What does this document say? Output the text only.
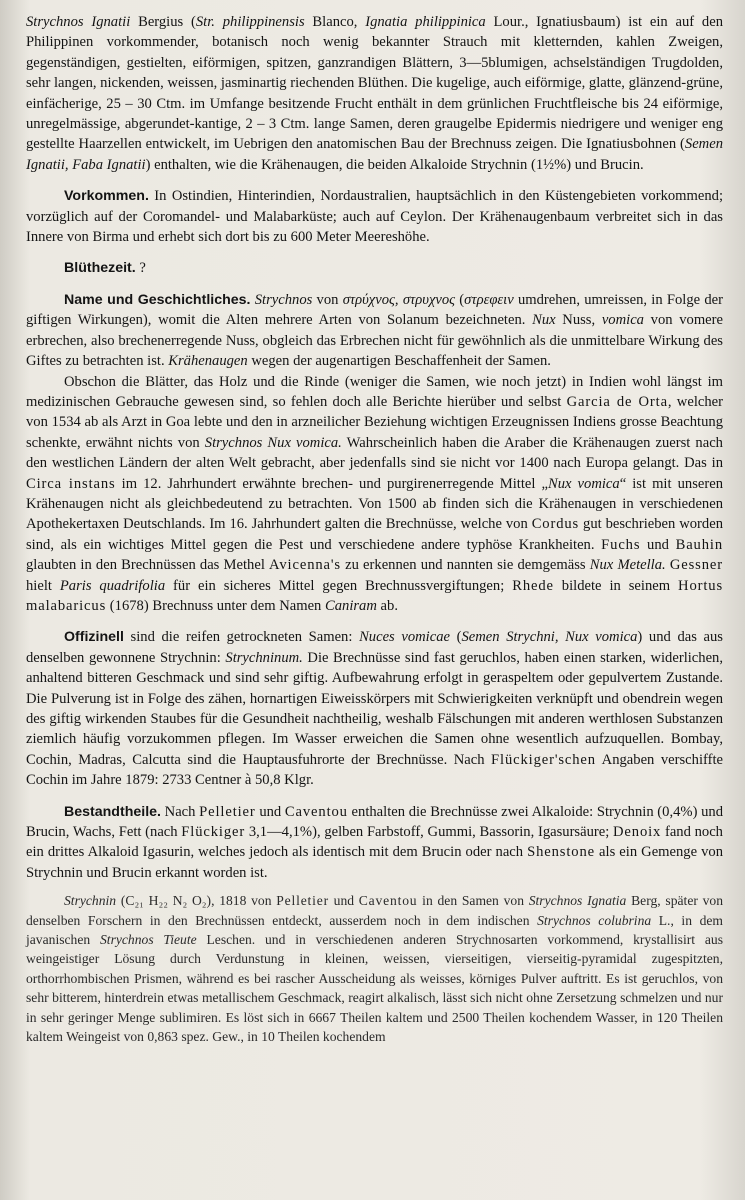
Strychnos Ignatii Bergius (Str. philippinensis Blanco, Ignatia philippinica Lour., Ignatiusbaum) ist ein auf den Philippinen vorkommender, botanisch noch wenig bekannter Strauch mit kletternden, kahlen Zweigen, gegenständigen, gestielten, eiförmigen, spitzen, ganzrandigen Blättern, 3—5blumigen, achselständigen Trugdolden, sehr langen, nickenden, weissen, jasminartig riechenden Blüthen. Die kugelige, auch eiförmige, glatte, glänzend-grüne, einfächerige, 25 – 30 Ctm. im Umfange besitzende Frucht enthält in dem grünlichen Fruchtfleische bis 24 eiförmige, unregelmässige, abgerundet-kantige, 2 – 3 Ctm. lange Samen, deren graugelbe Epidermis niedrigere und weniger eng gestellte Haarzellen entwickelt, im Uebrigen den anatomischen Bau der Brechnuss zeigen. Die Ignatiusbohnen (Semen Ignatii, Faba Ignatii) enthalten, wie die Krähenaugen, die beiden Alkaloide Strychnin (1½%) und Brucin.

Vorkommen. In Ostindien, Hinterindien, Nordaustralien, hauptsächlich in den Küstengebieten vorkommend; vorzüglich auf der Coromandel- und Malabarküste; auch auf Ceylon. Der Krähenaugenbaum verbreitet sich in das Innere von Birma und erhebt sich dort bis zu 600 Meter Meereshöhe.

Blüthezeit. ?

Name und Geschichtliches. Strychnos von στρύχνος, στρυχνος (στρεφειν umdrehen, umreissen, in Folge der giftigen Wirkungen), womit die Alten mehrere Arten von Solanum bezeichneten. Nux Nuss, vomica von vomere erbrechen, also brechenerregende Nuss, obgleich das Erbrechen nicht für gewöhnlich als die unmittelbare Wirkung des Giftes zu betrachten ist. Krähenaugen wegen der augenartigen Beschaffenheit der Samen.

Obschon die Blätter, das Holz und die Rinde (weniger die Samen, wie noch jetzt) in Indien wohl längst im medizinischen Gebrauche gewesen sind, so fehlen doch alle Berichte hierüber und selbst Garcia de Orta, welcher von 1534 ab als Arzt in Goa lebte und den in arzneilicher Beziehung wichtigen Erzeugnissen Indiens grosse Beachtung schenkte, erwähnt nichts von Strychnos Nux vomica. Wahrscheinlich haben die Araber die Krähenaugen zuerst nach den westlichen Ländern der alten Welt gebracht, aber jedenfalls sind sie nicht vor 1400 nach Europa gelangt. Das in Circa instans im 12. Jahrhundert erwähnte brechen- und purgirenerregende Mittel „Nux vomica“ ist mit unseren Krähenaugen nicht als gleichbedeutend zu betrachten. Von 1500 ab finden sich die Krähenaugen in verschiedenen Apothekertaxen Deutschlands. Im 16. Jahrhundert galten die Brechnüsse, welche von Cordus gut beschrieben worden sind, als ein wichtiges Mittel gegen die Pest und verschiedene andere typhöse Krankheiten. Fuchs und Bauhin glaubten in den Brechnüssen das Methel Avicenna's zu erkennen und nannten sie demgemäss Nux Metella. Gessner hielt Paris quadrifolia für ein sicheres Mittel gegen Brechnussvergiftungen; Rhede bildete in seinem Hortus malabaricus (1678) Brechnuss unter dem Namen Caniram ab.

Offizinell sind die reifen getrockneten Samen: Nuces vomicae (Semen Strychni, Nux vomica) und das aus denselben gewonnene Strychnin: Strychninum. Die Brechnüsse sind fast geruchlos, haben einen starken, widerlichen, anhaltend bitteren Geschmack und sind sehr giftig. Aufbewahrung erfolgt in geraspeltem oder gepulvertem Zustande. Die Pulverung ist in Folge des zähen, hornartigen Eiweisskörpers mit Schwierigkeiten verknüpft und obendrein wegen des giftig wirkenden Staubes für die Gesundheit nachtheilig, weshalb Fälschungen mit anderen werthlosen Substanzen ziemlich häufig vorzukommen pflegen. Im Wasser erweichen die Samen ohne wesentlich aufzuquellen. Bombay, Cochin, Madras, Calcutta sind die Hauptausfuhrorte der Brechnüsse. Nach Flückiger'schen Angaben verschiffte Cochin im Jahre 1879: 2733 Centner à 50,8 Klgr.

Bestandtheile. Nach Pelletier und Caventou enthalten die Brechnüsse zwei Alkaloide: Strychnin (0,4%) und Brucin, Wachs, Fett (nach Flückiger 3,1—4,1%), gelben Farbstoff, Gummi, Bassorin, Igasursäure; Denoix fand noch ein drittes Alkaloid Igasurin, welches jedoch als identisch mit dem Brucin oder nach Shenstone als ein Gemenge von Strychnin und Brucin erkannt worden ist.

Strychnin (C₂₁ H₂₂ N₂ O₂), 1818 von Pelletier und Caventou in den Samen von Strychnos Ignatia Berg, später von denselben Forschern in den Brechnüssen entdeckt, ausserdem noch in dem indischen Strychnos colubrina L., in dem javanischen Strychnos Tieute Leschen. und in verschiedenen anderen Strychnosarten vorkommend, krystallisirt aus weingeistiger Lösung durch Verdunstung in kleinen, weissen, vierseitigen, vierseitig-pyramidal zugespitzten, orthorrhombischen Prismen, während es bei rascher Ausscheidung als weisses, körniges Pulver auftritt. Es ist geruchlos, von sehr bitterem, hinterdrein etwas metallischem Geschmack, reagirt alkalisch, lässt sich nicht ohne Zersetzung schmelzen und nur in sehr geringer Menge sublimiren. Es löst sich in 6667 Theilen kaltem und 2500 Theilen kochendem Wasser, in 120 Theilen kaltem Weingeist von 0,863 spez. Gew., in 10 Theilen kochendem
